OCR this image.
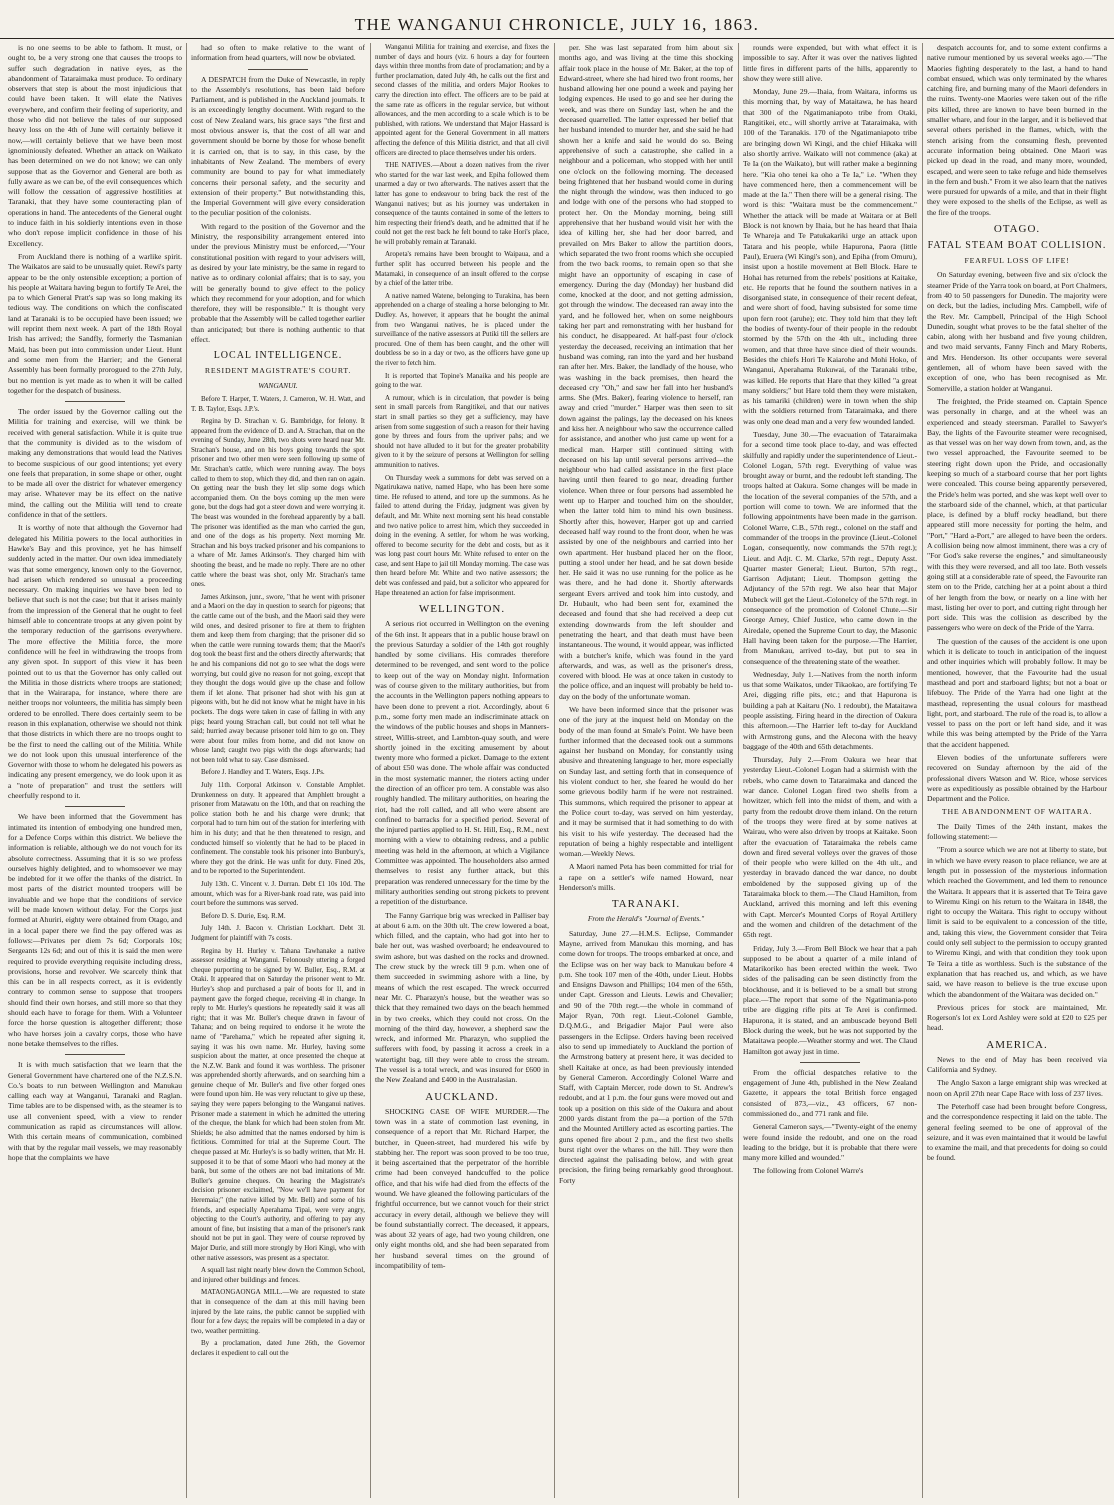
THE WANGANUI CHRONICLE, JULY 16, 1863.

is no one seems to be able to fathom. It must, or ought to, be a very strong one that causes the troops to suffer such degradation in native eyes, as the abandonment of Tataraimaka must produce. To ordinary observers that step is about the most injudicious that could have been taken. It will elate the Natives everywhere, and confirm their feeling of superiority, and those who did not believe the tales of our supposed heavy loss on the 4th of June will certainly believe it now,—will certainly believe that we have been most ignominiously defeated. Whether an attack on Waikato has been determined on we do not know; we can only suppose that as the Governor and General are both as fully aware as we can be, of the evil consequences which will follow the cessation of aggressive hostilities at Taranaki, that they have some counteracting plan of operations in hand. The antecedents of the General ought to induce faith in his soldierly intentions even in those who don't repose implicit confidence in those of his Excellency.

From Auckland there is nothing of a warlike spirit. The Waikatos are said to be unusually quiet. Rewi's party appear to be the only ostensible exception; a portion of his people at Waitara having begun to fortify Te Arei, the pa to which General Pratt's sap was so long making its tedious way. The conditions on which the confiscated land at Taranaki is to be occupied have been issued; we will reprint them next week. A part of the 18th Royal Irish has arrived; the Sandfly, formerly the Tasmanian Maid, has been put into commission under Lieut. Hunt and some men from the Harrier; and the General Assembly has been formally prorogued to the 27th July, but no mention is yet made as to when it will be called together for the despatch of business.

The order issued by the Governor calling out the Militia for training and exercise, will we think be received with general satisfaction. While it is quite true that the community is divided as to the wisdom of making any demonstrations that would lead the Natives to become suspicious of our good intentions; yet every one feels that preparation, in some shape or other, ought to be made all over the district for whatever emergency may arise. Whatever may be its effect on the native mind, the calling out the Militia will tend to create confidence in that of the settlers.

It is worthy of note that although the Governor had delegated his Militia powers to the local authorities in Hawke's Bay and this province, yet he has himself suddenly acted in the matter. Our own idea immediately was that some emergency, known only to the Governor, had arisen which rendered so unusual a proceeding necessary. On making inquiries we have been led to believe that such is not the case; but that it arises mainly from the impression of the General that he ought to feel himself able to concentrate troops at any given point by the temporary reduction of the garrisons everywhere. The more effective the Militia force, the more confidence will he feel in withdrawing the troops from any given spot. In support of this view it has been pointed out to us that the Governor has only called out the Militia in those districts where troops are stationed; that in the Wairarapa, for instance, where there are neither troops nor volunteers, the militia has simply been ordered to be enrolled. There does certainly seem to be reason in this explanation, otherwise we should not think that those districts in which there are no troops ought to be the first to need the calling out of the Militia. While we do not look upon this unusual interference of the Governor with those to whom he delegated his powers as indicating any present emergency, we do look upon it as a "note of preparation" and trust the settlers will cheerfully respond to it.

We have been informed that the Government has intimated its intention of embodying one hundred men, for a Defence Corps within this district. We believe the information is reliable, although we do not vouch for its absolute correctness. Assuming that it is so we profess ourselves highly delighted, and to whomsoever we may be indebted for it we offer the thanks of the district. In most parts of the district mounted troopers will be invaluable and we hope that the conditions of service will be made known without delay. For the Corps just formed at Ahuriri, eighty were obtained from Otago, and in a local paper there we find the pay offered was as follows:—Privates per diem 7s 6d; Corporals 10s; Sergeants 12s 6d; and out of this it is said the men were required to provide everything requisite including dress, provisions, horse and revolver. We scarcely think that this can be in all respects correct, as it is evidently contrary to common sense to suppose that troopers should find their own horses, and still more so that they should each have to forage for them. With a Volunteer force the horse question is altogether different; those who have horses join a cavalry corps, those who have none betake themselves to the rifles.

It is with much satisfaction that we learn that the General Government have chartered one of the N.Z.S.N. Co.'s boats to run between Wellington and Manukau calling each way at Wanganui, Taranaki and Raglan. Time tables are to be dispensed with, as the steamer is to use all convenient speed, with a view to render communication as rapid as circumstances will allow. With this certain means of communication, combined with that by the regular mail vessels, we may reasonably hope that the complaints we have

had so often to make relative to the want of information from head quarters, will now be obviated.

A DESPATCH from the Duke of Newcastle, in reply to the Assembly's resolutions, has been laid before Parliament, and is published in the Auckland journals. It is an exceedingly lengthy document. With regard to the cost of New Zealand wars, his grace says "the first and most obvious answer is, that the cost of all war and government should be borne by those for whose benefit it is carried on, that is to say, in this case, by the inhabitants of New Zealand. The members of every community are bound to pay for what immediately concerns their personal safety, and the security and extension of their property." But notwithstanding this, the Imperial Government will give every consideration to the peculiar position of the colonists.

With regard to the position of the Governor and the Ministry, the responsibility arrangement entered into under the previous Ministry must be enforced,—"Your constitutional position with regard to your advisers will, as desired by your late ministry, be the same in regard to native as to ordinary colonial affairs; that is to say, you will be generally bound to give effect to the policy which they recommend for your adoption, and for which therefore, they will be responsible." It is thought very probable that the Assembly will be called together earlier than anticipated; but there is nothing authentic to that effect.

LOCAL INTELLIGENCE.
RESIDENT MAGISTRATE'S COURT.
WANGANUI.

Before T. Harper, T. Waters, J. Cameron, W. H. Watt, and T. B. Taylor, Esqs. J.P.'s.

Regina by D. Strachan v. G. Bambridge, for felony. It appeared from the evidence of D. and A. Strachan, that on the evening of Sunday, June 28th, two shots were heard near Mr. Strachan's house, and on his boys going towards the spot prisoner and two other men were seen following up some of Mr. Strachan's cattle, which were running away. The boys called to them to stop, which they did, and then ran on again. On getting near the bush they let slip some dogs which accompanied them. On the boys coming up the men were gone, but the dogs had got a steer down and were worrying it. The beast was wounded in the forehead apparently by a ball. The prisoner was identified as the man who carried the gun, and one of the dogs as his property. Next morning Mr. Strachan and his boys tracked prisoner and his companions to a whare of Mr. James Atkinson's. They charged him with shooting the beast, and he made no reply. There are no other cattle where the beast was shot, only Mr. Strachan's tame ones.

James Atkinson, junr., swore, "that he went with prisoner and a Maori on the day in question to search for pigeons; that the cattle came out of the bush, and the Maori said they were wild ones, and desired prisoner to fire at them to frighten them and keep them from charging; that the prisoner did so when the cattle were running towards them; that the Maori's dog took the beast first and the others directly afterwards; that he and his companions did not go to see what the dogs were worrying, but could give no reason for not going, except that they thought the dogs would give up the chase and follow them if let alone. That prisoner had shot with his gun at pigeons with, but he did not know what he might have in his pockets. The dogs were taken in case of falling in with any pigs; heard young Strachan call, but could not tell what he said; hurried away because prisoner told him to go on. They were about four miles from home, and did not know on whose land; caught two pigs with the dogs afterwards; had not been told what to say. Case dismissed.

Before J. Handley and T. Waters, Esqs. J.Ps.

July 11th. Corporal Atkinson v. Constable Amphlet. Drunkenness on duty. It appeared that Amphlett brought a prisoner from Matawatu on the 10th, and that on reaching the police station both he and his charge were drunk; that corporal had to turn him out of the station for interfering with him in his duty; and that he then threatened to resign, and conducted himself so violently that he had to be placed in confinement. The constable took his prisoner into Bunbury's, where they got the drink. He was unfit for duty. Fined 20s, and to be reported to the Superintendent.

July 13th. C. Vincent v. J. Durran. Debt £1 10s 10d. The amount, which was for a River-bank road rate, was paid into court before the summons was served.

Before D. S. Durie, Esq. R.M.

July 14th. J. Bacon v. Christian Lockhart. Debt 3l. Judgment for plaintiff with 7s costs.

Regina by H. Hurley v. Tahana Tawhanake a native assessor residing at Wanganui. Felonously uttering a forged cheque purporting to be signed by W. Buller, Esq., R.M. at Otaki. It appeared that on Saturday the prisoner went to Mr. Hurley's shop and purchased a pair of boots for 1l, and in payment gave the forged cheque, receiving 4l in change. In reply to Mr. Hurley's questions he repeatedly said it was all right; that it was Mr. Buller's cheque drawn in favour of Tahana; and on being required to endorse it he wrote the name of "Parehama," which he repeated after signing it, saying it was his own name. Mr. Hurley, having some suspicion about the matter, at once presented the cheque at the N.Z.W. Bank and found it was worthless. The prisoner was apprehended shortly afterwards, and on searching him a genuine cheque of Mr. Buller's and five other forged ones were found upon him. He was very reluctant to give up these, saying they were papers belonging to the Wanganui natives. Prisoner made a statement in which he admitted the uttering of the cheque, the blank for which had been stolen from Mr. Shields; he also admitted that the names endorsed by him is fictitious. Committed for trial at the Supreme Court. The cheque passed at Mr. Hurley's is so badly written, that Mr. H. supposed it to be that of some Maori who had money at the bank, but some of the others are not bad imitations of Mr. Buller's genuine cheques. On hearing the Magistrate's decision prisoner exclaimed, "Now we'll have payment for Heremaia;" (the native killed by Mr. Bell) and some of his friends, and especially Aperahama Tipai, were very angry, objecting to the Court's authority, and offering to pay any amount of fine, but insisting that a man of the prisoner's rank should not be put in gaol. They were of course reproved by Major Durie, and still more strongly by Hori Kingi, who with other native assessors, was present as a spectator.

A squall last night nearly blew down the Common School, and injured other buildings and fences.

MATAONGAONGA MILL.—We are requested to state that in consequence of the dam at this mill having been injured by the late rains, the public cannot be supplied with flour for a few days; the repairs will be completed in a day or two, weather permitting.

By a proclamation, dated June 26th, the Governor declares it expedient to call out the

Wanganui Militia for training and exercise, and fixes the number of days and hours (viz. 6 hours a day for fourteen days within three months from date of proclamation; and by a further proclamation, dated July 4th, he calls out the first and second classes of the militia, and orders Major Rookes to carry the direction into effect. The officers are to be paid at the same rate as officers in the regular service, but without allowances, and the men according to a scale which is to be published, with rations. We understand that Major Hassard is appointed agent for the General Government in all matters affecting the defence of this Militia district, and that all civil officers are directed to place themselves under his orders.

THE NATIVES.—About a dozen natives from the river who started for the war last week, and Epiha followed them unarmed a day or two afterwards. The natives assert that the latter has gone to endeavour to bring back the rest of the Wanganui natives; but as his journey was undertaken in consequence of the taunts contained in some of the letters to him respecting their friend's death, and he admitted that if he could not get the rest back he felt bound to take Hori's place, he will probably remain at Taranaki.

Aropeta's remains have been brought to Waipaua, and a further split has occurred between his people and the Matamaki, in consequence of an insult offered to the corpse by a chief of the latter tribe.

A native named Watene, belonging to Turakina, has been apprehended on a charge of stealing a horse belonging to Mr. Dudley. As, however, it appears that he bought the animal from two Wanganui natives, he is placed under the surveillance of the native assessors at Putiki till the sellers are procured. One of them has been caught, and the other will doubtless be so in a day or two, as the officers have gone up the river to fetch him.

It is reported that Topine's Manaika and his people are going to the war.

A rumour, which is in circulation, that powder is being sent in small parcels from Rangitikei, and that our natives start in small parties so they get a sufficiency, may have arisen from some suggestion of such a reason for their having gone by threes and fours from the upriver pahs; and we should not have alluded to it but for the greater probability given to it by the seizure of persons at Wellington for selling ammunition to natives.

On Thursday week a summons for debt was served on a Ngatirukawa native, named Hape, who has been here some time. He refused to attend, and tore up the summons. As he failed to attend during the Friday, judgment was given by default, and Mr. White next morning sent his head constable and two native police to arrest him, which they succeeded in doing in the evening. A settler, for whom he was working, offered to become security for the debt and costs, but as it was long past court hours Mr. White refused to enter on the case, and sent Hape to jail till Monday morning. The case was then heard before Mr. White and two native assessors; the debt was confessed and paid, but a solicitor who appeared for Hape threatened an action for false imprisonment.

WELLINGTON.

A serious riot occurred in Wellington on the evening of the 6th inst. It appears that in a public house brawl on the previous Saturday a soldier of the 14th got roughly handled by some civilians. His comrades therefore determined to be revenged, and sent word to the police to keep out of the way on Monday night. Information was of course given to the military authorities, but from the accounts in the Wellington papers nothing appears to have been done to prevent a riot. Accordingly, about 6 p.m., some forty men made an indiscriminate attack on the windows of the public houses and shops in Manners-street, Willis-street, and Lambton-quay south, and were shortly joined in the exciting amusement by about twenty more who formed a picket. Damage to the extent of about £50 was done. The whole affair was conducted in the most systematic manner, the rioters acting under the direction of an officer pro tem. A constable was also roughly handled. The military authorities, on hearing the riot, had the roll called, and all who were absent are confined to barracks for a specified period. Several of the injured parties applied to H. St. Hill, Esq., R.M., next morning with a view to obtaining redress, and a public meeting was held in the afternoon, at which a Vigilance Committee was appointed. The householders also armed themselves to resist any further attack, but this preparation was rendered unnecessary for the time by the military authorities sending out strong pickets to prevent a repetition of the disturbance.

The Fanny Garrique brig was wrecked in Palliser bay at about 6 a.m. on the 30th ult. The crew lowered a boat, which filled, and the captain, who had got into her to bale her out, was washed overboard; he endeavoured to swim ashore, but was dashed on the rocks and drowned. The crew stuck by the wreck till 9 p.m. when one of them succeeded in swimming ashore with a line, by means of which the rest escaped. The wreck occurred near Mr. C. Pharazyn's house, but the weather was so thick that they remained two days on the beach hemmed in by two creeks, which they could not cross. On the morning of the third day, however, a shepherd saw the wreck, and informed Mr. Pharazyn, who supplied the sufferers with food, by passing it across a creek in a watertight bag, till they were able to cross the stream. The vessel is a total wreck, and was insured for £600 in the New Zealand and £400 in the Australasian.

AUCKLAND.

SHOCKING CASE OF WIFE MURDER.—The town was in a state of commotion last evening, in consequence of a report that Mr. Richard Harper, the butcher, in Queen-street, had murdered his wife by stabbing her. The report was soon proved to be too true, it being ascertained that the perpetrator of the horrible crime had been conveyed handcuffed to the police office, and that his wife had died from the effects of the wound. We have gleaned the following particulars of the frightful occurrence, but we cannot vouch for their strict accuracy in every detail, although we believe they will be found substantially correct. The deceased, it appears, was about 32 years of age, had two young children, one only eight months old, and she had been separated from her husband several times on the ground of incompatibility of tem-

per. She was last separated from him about six months ago, and was living at the time this shocking affair took place in the house of Mr. Baker, at the top of Edward-street, where she had hired two front rooms, her husband allowing her one pound a week and paying her lodging expences. He used to go and see her during the week, and was there on Sunday last, when he and the deceased quarrelled. The latter expressed her belief that her husband intended to murder her, and she said he had shown her a knife and said he would do so. Being apprehensive of such a catastrophe, she called in a neighbour and a policeman, who stopped with her until one o'clock on the following morning. The deceased being frightened that her husband would come in during the night through the window, was then induced to go and lodge with one of the persons who had stopped to protect her. On the Monday morning, being still apprehensive that her husband would visit her with the idea of killing her, she had her door barred, and prevailed on Mrs Baker to allow the partition doors, which separated the two front rooms which she occupied from the two back rooms, to remain open so that she might have an opportunity of escaping in case of emergency. During the day (Monday) her husband did come, knocked at the door, and not getting admission, got through the window. The deceased ran away into the yard, and he followed her, when on some neighbours taking her part and remonstrating with her husband for his conduct, he disappeared. At half-past four o'clock yesterday the deceased, receiving an intimation that her husband was coming, ran into the yard and her husband ran after her. Mrs. Baker, the landlady of the house, who was washing in the back premises, then heard the deceased cry "Oh," and saw her fall into her husband's arms. She (Mrs. Baker), fearing violence to herself, ran away and cried "murder." Harper was then seen to sit down against the palings, lay the deceased on his knees and kiss her. A neighbour who saw the occurrence called for assistance, and another who just came up went for a medical man. Harper still continued sitting with deceased on his lap until several persons arrived—the neighbour who had called assistance in the first place having until then feared to go near, dreading further violence. When three or four persons had assembled he went up to Harper and touched him on the shoulder, when the latter told him to mind his own business. Shortly after this, however, Harper got up and carried deceased half way round to the front door, when he was assisted by one of the neighbours and carried into her own apartment. Her husband placed her on the floor, putting a stool under her head, and he sat down beside her. He said it was no use running for the police as he was there, and he had done it. Shortly afterwards sergeant Evers arrived and took him into custody, and Dr. Hubault, who had been sent for, examined the deceased and found that she had received a deep cut extending downwards from the left shoulder and penetrating the heart, and that death must have been instantaneous. The wound, it would appear, was inflicted with a butcher's knife, which was found in the yard afterwards, and was, as well as the prisoner's dress, covered with blood. He was at once taken in custody to the police office, and an inquest will probably be held to-day on the body of the unfortunate woman.

We have been informed since that the prisoner was one of the jury at the inquest held on Monday on the body of the man found at Smale's Point. We have been further informed that the deceased took out a summons against her husband on Monday, for constantly using abusive and threatening language to her, more especially on Sunday last, and setting forth that in consequence of his violent conduct to her, she feared he would do her some grievous bodily harm if he were not restrained. This summons, which required the prisoner to appear at the Police court to-day, was served on him yesterday, and it may be surmised that it had something to do with his visit to his wife yesterday. The deceased had the reputation of being a highly respectable and intelligent woman.—Weekly News.

A Maori named Peta has been committed for trial for a rape on a settler's wife named Howard, near Henderson's mills.

TARANAKI.
From the Herald's "Journal of Events."

Saturday, June 27.—H.M.S. Eclipse, Commander Mayne, arrived from Manukau this morning, and has come down for troops. The troops embarked at once, and the Eclipse was on her way back to Manukau before 4 p.m. She took 107 men of the 40th, under Lieut. Hobbs and Ensigns Dawson and Phillips; 104 men of the 65th, under Capt. Gresson and Lieuts. Lewis and Chevalier; and 90 of the 70th regt.—the whole in command of Major Ryan, 70th regt. Lieut.-Colonel Gamble, D.Q.M.G., and Brigadier Major Paul were also passengers in the Eclipse. Orders having been received also to send up immediately to Auckland the portion of the Armstrong battery at present here, it was decided to shell Kaitake at once, as had been previously intended by General Cameron. Accordingly Colonel Warre and Staff, with Captain Mercer, rode down to St. Andrew's redoubt, and at 1 p.m. the four guns were moved out and took up a position on this side of the Oakura and about 2000 yards distant from the pa—a portion of the 57th and the Mounted Artillery acted as escorting parties. The guns opened fire about 2 p.m., and the first two shells burst right over the whares on the hill. They were then directed against the palisading below, and with great precision, the firing being remarkably good throughout. Forty

rounds were expended, but with what effect it is impossible to say. After it was over the natives lighted little fires in different parts of the hills, apparently to show they were still alive.

Monday, June 29.—Ihaia, from Waitara, informs us this morning that, by way of Mataitawa, he has heard that 300 of the Ngatimaniapoto tribe from Otaki, Rangitikei, etc., will shortly arrive at Tataraimaka, with 100 of the Taranakis. 170 of the Ngatimaniapoto tribe are bringing down Wi Kingi, and the chief Hikaka will also shortly arrive. Waikato will not commence (aka) at Te Ia (on the Waikato), but will rather make a beginning here. "Kia oho tenei ka oho a Te Ia," i.e. "When they have commenced here, then a commencement will be made at the Ia." Then there will be a general rising. The word is this: "Waitara must be the commencement." Whether the attack will be made at Waitara or at Bell Block is not known by Ihaia, but he has heard that Ihaia Te Whareja and Te Patukakariki urge an attack upon Tatara and his people, while Hapurona, Paora (little Paul), Eruera (Wi Kingi's son), and Epiha (from Omuru), insist upon a hostile movement at Bell Block. Hare te Hohai has returned from the rebels' positions at Kaitake, etc. He reports that he found the southern natives in a disorganised state, in consequence of their recent defeat, and were short of food, having subsisted for some time upon fern root (aruhe); etc. They told him that they left the bodies of twenty-four of their people in the redoubt stormed by the 57th on the 4th ult., including three women, and that three have since died of their wounds. Besides the chiefs Hori Te Kaiarohe and Mohi Hoko, of Wanganui, Aperahama Rukuwai, of the Taranaki tribe, was killed. He reports that Hare that they killed "a great many soldiers;" but Hare told them they were mistaken, as his tamariki (children) were in town when the ship with the soldiers returned from Tataraimaka, and there was only one dead man and a very few wounded landed.

Tuesday, June 30.—The evacuation of Tataraimaka for a second time took place to-day, and was effected skilfully and rapidly under the superintendence of Lieut.-Colonel Logan, 57th regt. Everything of value was brought away or burnt, and the redoubt left standing. The troops halted at Oakura. Some changes will be made in the location of the several companies of the 57th, and a portion will come to town. We are informed that the following appointments have been made in the garrison. Colonel Warre, C.B., 57th regt., colonel on the staff and commander of the troops in the province (Lieut.-Colonel Logan, consequently, now commands the 57th regt.); Lieut. and Adjt. C. M. Clarke, 57th regt., Deputy Asst. Quarter master General; Lieut. Burton, 57th regt., Garrison Adjutant; Lieut. Thompson getting the Adjutancy of the 57th regt. We also hear that Major Mubeck will get the Lieut.-Colonelcy of the 57th regt. in consequence of the promotion of Colonel Chute.—Sir George Arney, Chief Justice, who came down in the Airedale, opened the Supreme Court to day, the Masonic Hall having been taken for the purpose.—The Harrier, from Manukau, arrived to-day, but put to sea in consequence of the threatening state of the weather.

Wednesday, July 1.—Natives from the north inform us that some Waikatos, under Tikaokao, are fortifying Te Arei, digging rifle pits, etc.; and that Hapurona is building a pah at Kaitaru (No. 1 redoubt), the Mataitawa people assisting. Firing heard in the direction of Oakura this afternoon.—The Harrier left to-day for Auckland with Armstrong guns, and the Alecona with the heavy baggage of the 40th and 65th detachments.

Thursday, July 2.—From Oakura we hear that yesterday Lieut.-Colonel Logan had a skirmish with the rebels, who came down to Tataraimaka and danced the war dance. Colonel Logan fired two shells from a howitzer, which fell into the midst of them, and with a party from the redoubt drove them inland. On the return of the troops they were fired at by some natives at Wairau, who were also driven by troops at Kaitake. Soon after the evacuation of Tataraimaka the rebels came down and fired several volleys over the graves of those of their people who were killed on the 4th ult., and yesterday in bravado danced the war dance, no doubt emboldened by the supposed giving up of the Tataraimaka block to them.—The Claud Hamilton, from Auckland, arrived this morning and left this evening with Capt. Mercer's Mounted Corps of Royal Artillery and the women and children of the detachment of the 65th regt.

Friday, July 3.—From Bell Block we hear that a pah supposed to be about a quarter of a mile inland of Matarikoriko has been erected within the week. Two sides of the palisading can be seen distinctly from the blockhouse, and it is believed to be a small but strong place.—The report that some of the Ngatimania-poto tribe are digging rifle pits at Te Arei is confirmed. Hapurona, it is stated, and an ambuscade beyond Bell Block during the week, but he was not supported by the Mataitawa people.—Weather stormy and wet. The Claud Hamilton got away just in time.

From the official despatches relative to the engagement of June 4th, published in the New Zealand Gazette, it appears the total British force engaged consisted of 873,—viz., 43 officers, 67 non-commissioned do., and 771 rank and file.

General Cameron says,—"Twenty-eight of the enemy were found inside the redoubt, and one on the road leading to the bridge, but it is probable that there were many more killed and wounded."

The following from Colonel Warre's

despatch accounts for, and to some extent confirms a native rumour mentioned by us several weeks ago.—"The Maories fighting desperately to the last, a hand to hand combat ensued, which was only terminated by the whares catching fire, and burning many of the Maori defenders in the ruins. Twenty-one Maories were taken out of the rifle pits killed, three are known to have been burned in the smaller whare, and four in the larger, and it is believed that several others perished in the flames, which, with the stench arising from the consuming flesh, prevented accurate information being obtained. One Maori was picked up dead in the road, and many more, wounded, escaped, and were seen to take refuge and hide themselves in the fern and bush." From it we also learn that the natives were pursued for upwards of a mile, and that in their flight they were exposed to the shells of the Eclipse, as well as the fire of the troops.

OTAGO.
FATAL STEAM BOAT COLLISION.
FEARFUL LOSS OF LIFE!

On Saturday evening, between five and six o'clock the steamer Pride of the Yarra took on board, at Port Chalmers, from 40 to 50 passengers for Dunedin. The majority were on deck, but the ladies, including Mrs. Campbell, wife of the Rev. Mr. Campbell, Principal of the High School Dunedin, sought what proves to be the fatal shelter of the cabin, along with her husband and five young children, and two maid servants, Fanny Finch and Mary Roberts, and Mrs. Henderson. Its other occupants were several gentlemen, all of whom have been saved with the exception of one, who has been recognised as Mr. Somerville, a station holder at Wanganui.

The freighted, the Pride steamed on. Captain Spence was personally in charge, and at the wheel was an experienced and steady steersman. Parallel to Sawyer's Bay, the lights of the Favourite steamer were recognised, as that vessel was on her way down from town, and, as the two vessel approached, the Favourite seemed to be steering right down upon the Pride, and occasionally keeping so much of a starboard course that her port lights were concealed. This course being apparently persevered, the Pride's helm was ported, and she was kept well over to the starboard side of the channel, which, at that particular place, is defined by a bluff rocky headland, but there appeared still more necessity for porting the helm, and "Port," "Hard a-Port," are alleged to have been the orders. A collision being now almost imminent, there was a cry of "For God's sake reverse the engines," and simultaneously with this they were reversed, and all too late. Both vessels going still at a considerable rate of speed, the Favourite ran stem on to the Pride, catching her at a point about a third of her length from the bow, or nearly on a line with her mast, listing her over to port, and cutting right through her port side. This was the collision as described by the passengers who were on deck of the Pride of the Yarra.

The question of the causes of the accident is one upon which it is delicate to touch in anticipation of the inquest and other inquiries which will probably follow. It may be mentioned, however, that the Favourite had the usual masthead and port and starboard lights; but not a boat or lifebuoy. The Pride of the Yarra had one light at the masthead, representing the usual colours for masthead light, port, and starboard. The rule of the road is, to allow a vessel to pass on the port or left hand side, and it was while this was being attempted by the Pride of the Yarra that the accident happened.

Eleven bodies of the unfortunate sufferers were recovered on Sunday afternoon by the aid of the professional divers Watson and W. Rice, whose services were as expeditiously as possible obtained by the Harbour Department and the Police.

THE ABANDONMENT OF WAITARA.

The Daily Times of the 24th instant, makes the following statement:—

"From a source which we are not at liberty to state, but in which we have every reason to place reliance, we are at length put in possession of the mysterious information which reached the Government, and led them to renounce the Waitara. It appears that it is asserted that Te Teira gave to Wiremu Kingi on his return to the Waitara in 1848, the right to occupy the Waitara. This right to occupy without limit is said to be equivalent to a concession of the title, and, taking this view, the Government consider that Teira could only sell subject to the permission to occupy granted to Wiremu Kingi, and with that condition they took upon Te Teira a title as worthless. Such is the substance of the explanation that has reached us, and which, as we have said, we have reason to believe is the true excuse upon which the abandonment of the Waitara was decided on."

Previous prices for stock are maintained, Mr. Rogerson's lot ex Lord Ashley were sold at £20 to £25 per head.

AMERICA.

News to the end of May has been received via California and Sydney.

The Anglo Saxon a large emigrant ship was wrecked at noon on April 27th near Cape Race with loss of 237 lives.

The Peterhoff case had been brought before Congress, and the correspondence respecting it laid on the table. The general feeling seemed to be one of approval of the seizure, and it was even maintained that it would be lawful to examine the mail, and that precedents for doing so could be found.
